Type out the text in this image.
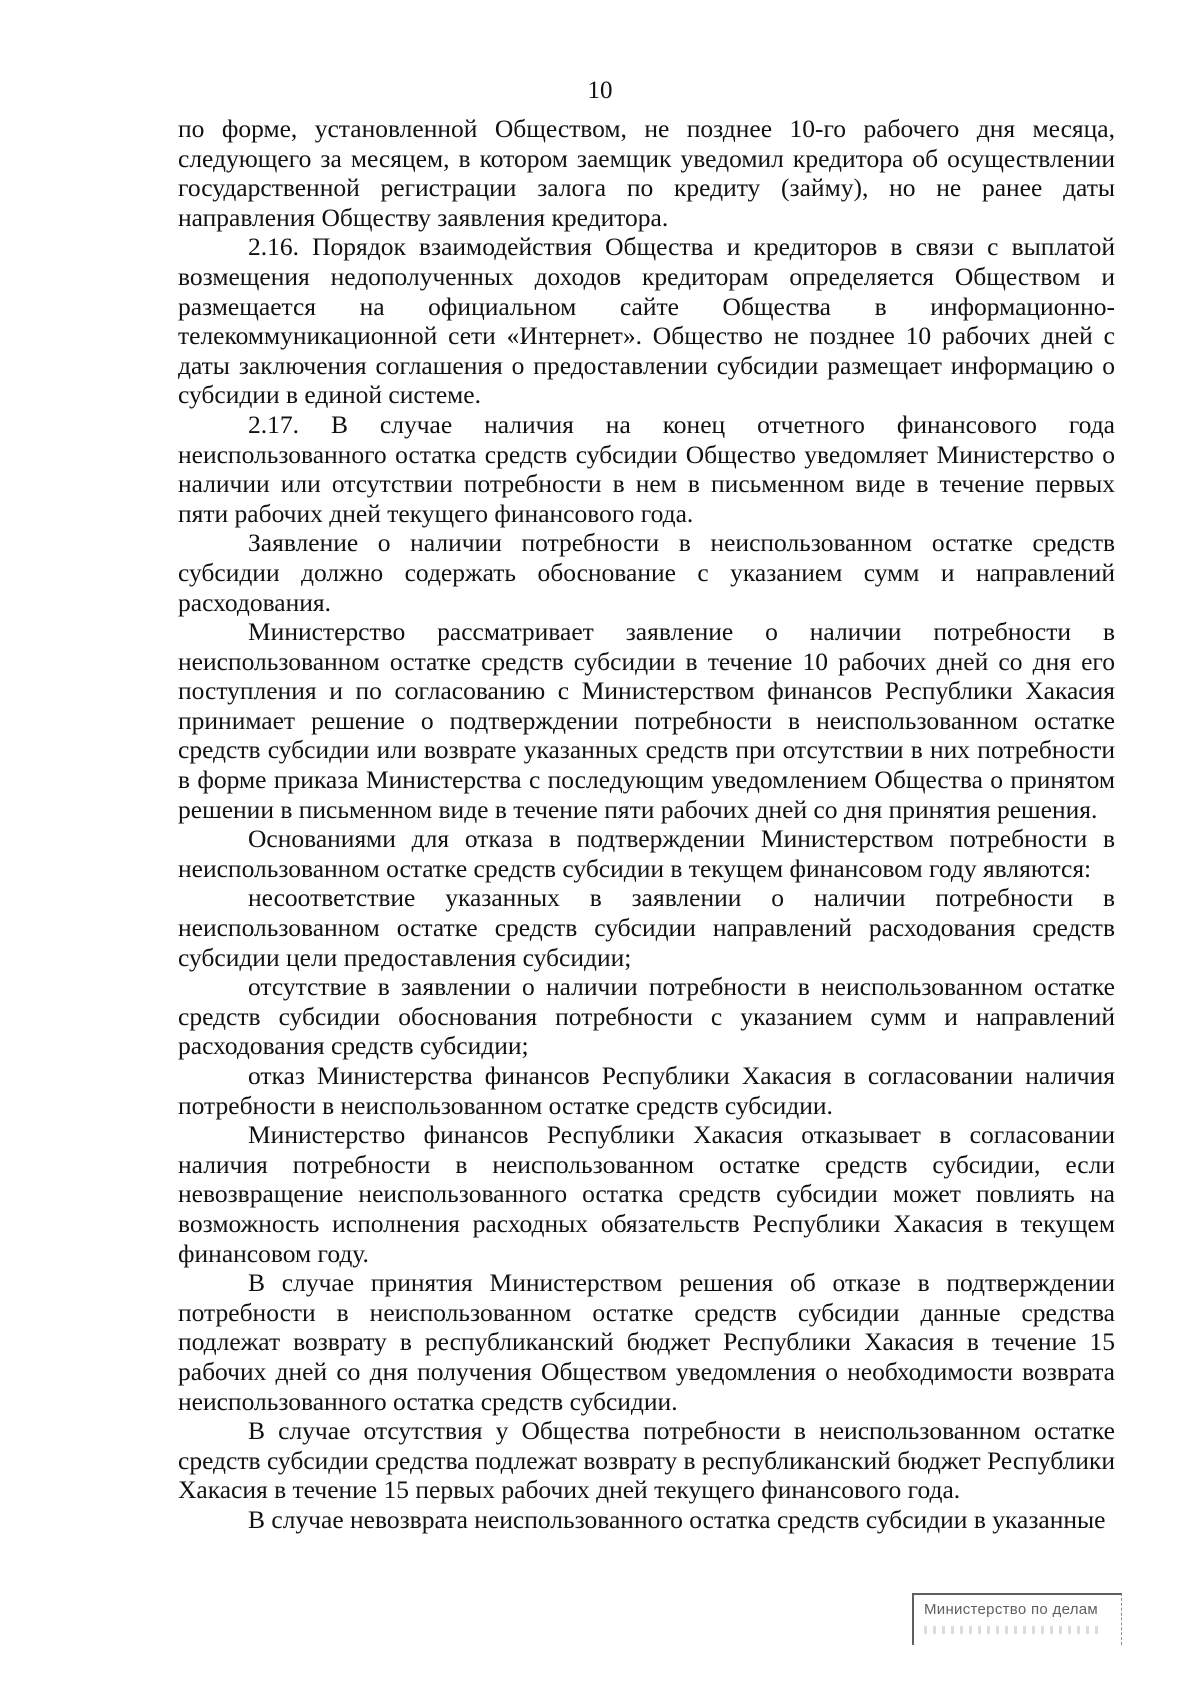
10

по форме, установленной Обществом, не позднее 10-го рабочего дня месяца, следующего за месяцем, в котором заемщик уведомил кредитора об осуществлении государственной регистрации залога по кредиту (займу), но не ранее даты направления Обществу заявления кредитора.

2.16. Порядок взаимодействия Общества и кредиторов в связи с выплатой возмещения недополученных доходов кредиторам определяется Обществом и размещается на официальном сайте Общества в информационно-телекоммуникационной сети «Интернет». Общество не позднее 10 рабочих дней с даты заключения соглашения о предоставлении субсидии размещает информацию о субсидии в единой системе.

2.17. В случае наличия на конец отчетного финансового года неиспользованного остатка средств субсидии Общество уведомляет Министерство о наличии или отсутствии потребности в нем в письменном виде в течение первых пяти рабочих дней текущего финансового года.

Заявление о наличии потребности в неиспользованном остатке средств субсидии должно содержать обоснование с указанием сумм и направлений расходования.

Министерство рассматривает заявление о наличии потребности в неиспользованном остатке средств субсидии в течение 10 рабочих дней со дня его поступления и по согласованию с Министерством финансов Республики Хакасия принимает решение о подтверждении потребности в неиспользованном остатке средств субсидии или возврате указанных средств при отсутствии в них потребности в форме приказа Министерства с последующим уведомлением Общества о принятом решении в письменном виде в течение пяти рабочих дней со дня принятия решения.

Основаниями для отказа в подтверждении Министерством потребности в неиспользованном остатке средств субсидии в текущем финансовом году являются:

несоответствие указанных в заявлении о наличии потребности в неиспользованном остатке средств субсидии направлений расходования средств субсидии цели предоставления субсидии;

отсутствие в заявлении о наличии потребности в неиспользованном остатке средств субсидии обоснования потребности с указанием сумм и направлений расходования средств субсидии;

отказ Министерства финансов Республики Хакасия в согласовании наличия потребности в неиспользованном остатке средств субсидии.

Министерство финансов Республики Хакасия отказывает в согласовании наличия потребности в неиспользованном остатке средств субсидии, если невозвращение неиспользованного остатка средств субсидии может повлиять на возможность исполнения расходных обязательств Республики Хакасия в текущем финансовом году.

В случае принятия Министерством решения об отказе в подтверждении потребности в неиспользованном остатке средств субсидии данные средства подлежат возврату в республиканский бюджет Республики Хакасия в течение 15 рабочих дней со дня получения Обществом уведомления о необходимости возврата неиспользованного остатка средств субсидии.

В случае отсутствия у Общества потребности в неиспользованном остатке средств субсидии средства подлежат возврату в республиканский бюджет Республики Хакасия в течение 15 первых рабочих дней текущего финансового года.

В случае невозврата неиспользованного остатка средств субсидии в указанные

Министерство по делам
